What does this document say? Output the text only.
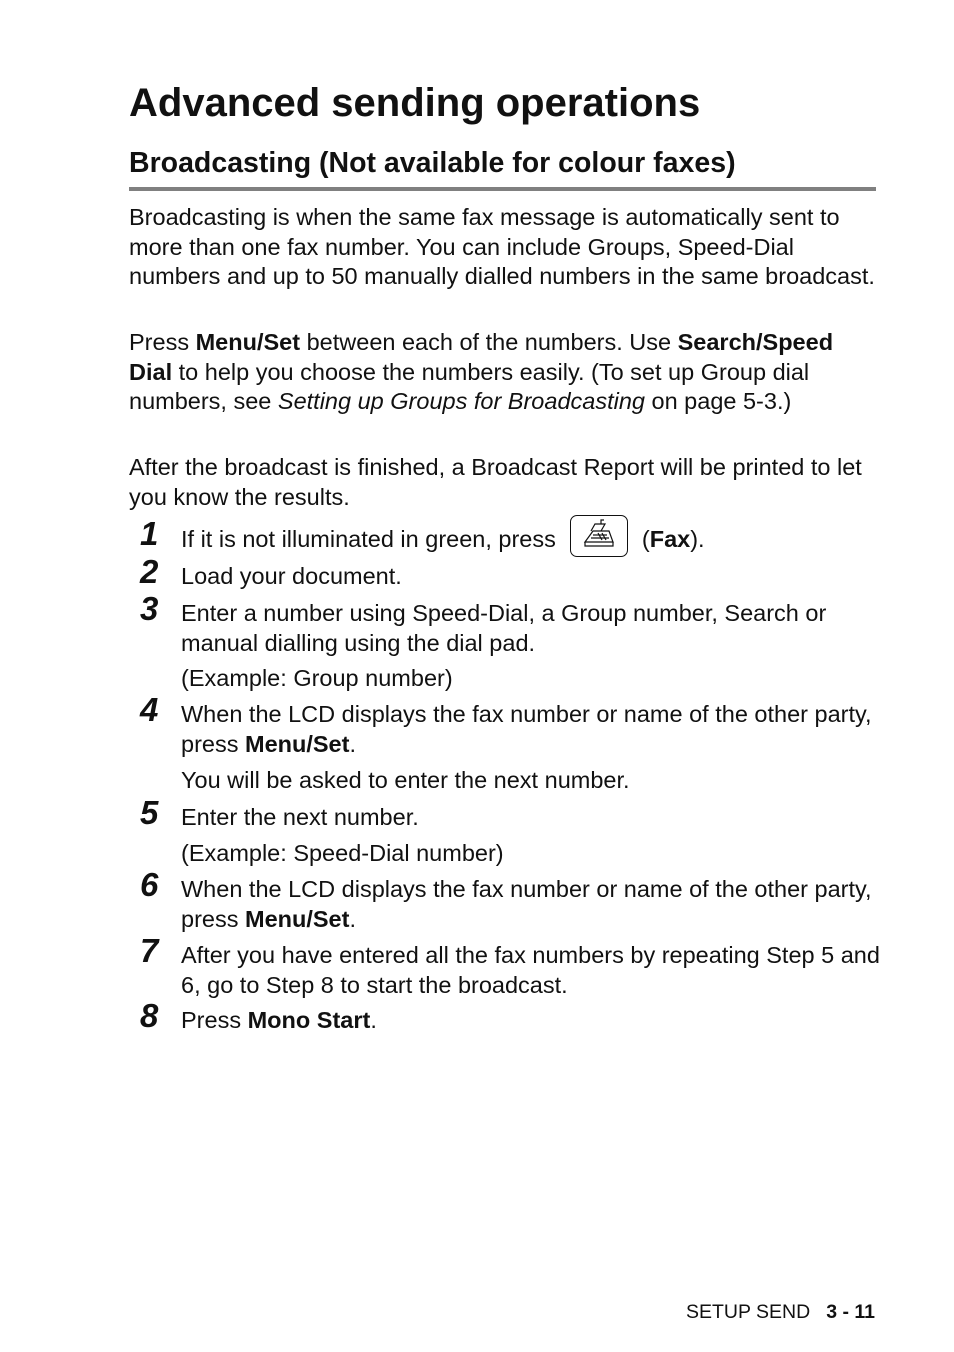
Advanced sending operations
Broadcasting (Not available for colour faxes)

Broadcasting is when the same fax message is automatically sent to more than one fax number. You can include Groups, Speed-Dial numbers and up to 50 manually dialled numbers in the same broadcast.

Press Menu/Set between each of the numbers. Use Search/Speed Dial to help you choose the numbers easily. (To set up Group dial numbers, see Setting up Groups for Broadcasting on page 5-3.)

After the broadcast is finished, a Broadcast Report will be printed to let you know the results.

1 If it is not illuminated in green, press	(Fax).

2 Load your document.

3 Enter a number using Speed-Dial, a Group number, Search or manual dialling using the dial pad.

(Example: Group number)

4 When the LCD displays the fax number or name of the other party, press Menu/Set.

You will be asked to enter the next number.

5 Enter the next number.

(Example: Speed-Dial number)

6 When the LCD displays the fax number or name of the other party, press Menu/Set.

7 After you have entered all the fax numbers by repeating Step 5 and 6, go to Step 8 to start the broadcast.

8 Press Mono Start.

SETUP SEND 3 - 11
